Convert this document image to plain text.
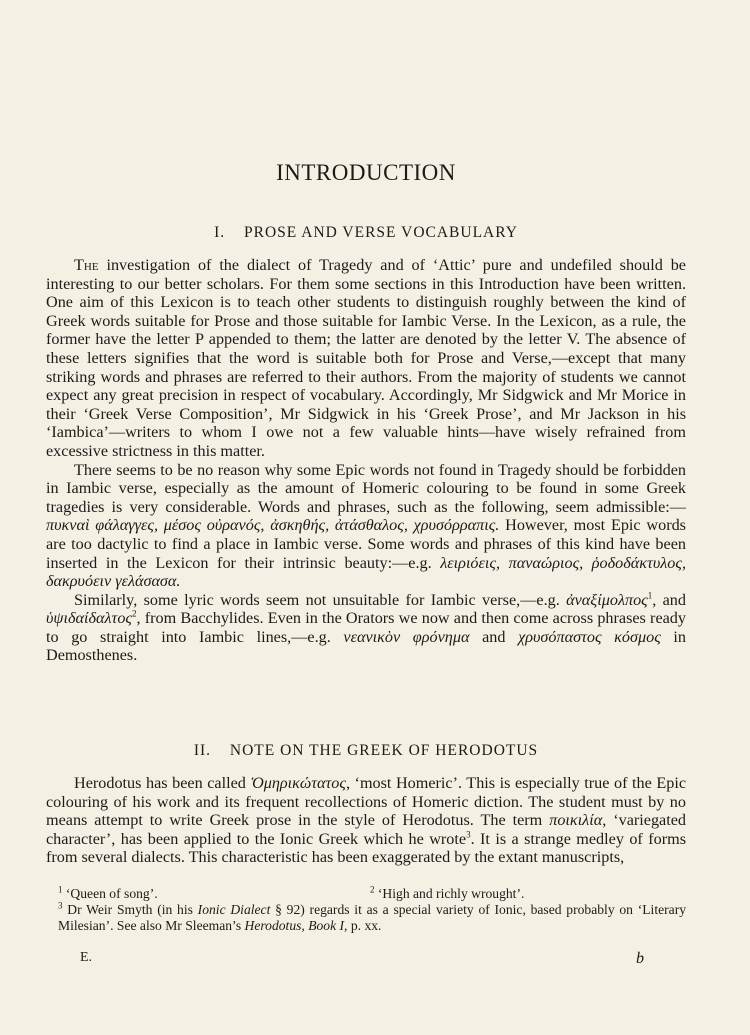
INTRODUCTION
I. PROSE AND VERSE VOCABULARY

The investigation of the dialect of Tragedy and of ‘Attic’ pure and undefiled should be interesting to our better scholars. For them some sections in this Introduction have been written. One aim of this Lexicon is to teach other students to distinguish roughly between the kind of Greek words suitable for Prose and those suitable for Iambic Verse. In the Lexicon, as a rule, the former have the letter P appended to them; the latter are denoted by the letter V. The absence of these letters signifies that the word is suitable both for Prose and Verse,—except that many striking words and phrases are referred to their authors. From the majority of students we cannot expect any great precision in respect of vocabulary. Accordingly, Mr Sidgwick and Mr Morice in their ‘Greek Verse Composition’, Mr Sidgwick in his ‘Greek Prose’, and Mr Jackson in his ‘Iambica’—writers to whom I owe not a few valuable hints—have wisely refrained from excessive strictness in this matter.

There seems to be no reason why some Epic words not found in Tragedy should be forbidden in Iambic verse, especially as the amount of Homeric colouring to be found in some Greek tragedies is very considerable. Words and phrases, such as the following, seem admissible:—πυκναὶ φάλαγγες, μέσος οὐρανός, ἀσκηθής, ἀτάσθαλος, χρυσόρραπις. However, most Epic words are too dactylic to find a place in Iambic verse. Some words and phrases of this kind have been inserted in the Lexicon for their intrinsic beauty:—e.g. λειριόεις, παναώριος, ῥοδοδάκτυλος, δακρυόειν γελάσασα.

Similarly, some lyric words seem not unsuitable for Iambic verse,—e.g. ἀναξίμολπος$^1$, and ὑψιδαίδαλτος$^2$, from Bacchylides. Even in the Orators we now and then come across phrases ready to go straight into Iambic lines,—e.g. νεανικὸν φρόνημα and χρυσόπαστος κόσμος in Demosthenes.

II. NOTE ON THE GREEK OF HERODOTUS

Herodotus has been called Ὁμηρικώτατος, ‘most Homeric’. This is especially true of the Epic colouring of his work and its frequent recollections of Homeric diction. The student must by no means attempt to write Greek prose in the style of Herodotus. The term ποικιλία, ‘variegated character’, has been applied to the Ionic Greek which he wrote$^3$. It is a strange medley of forms from several dialects. This characteristic has been exaggerated by the extant manuscripts,

$^1$ ‘Queen of song’.	$^2$ ‘High and richly wrought’.
$^3$ Dr Weir Smyth (in his Ionic Dialect § 92) regards it as a special variety of Ionic, based probably on ‘Literary Milesian’. See also Mr Sleeman’s Herodotus, Book I, p. xx.
E.	b
